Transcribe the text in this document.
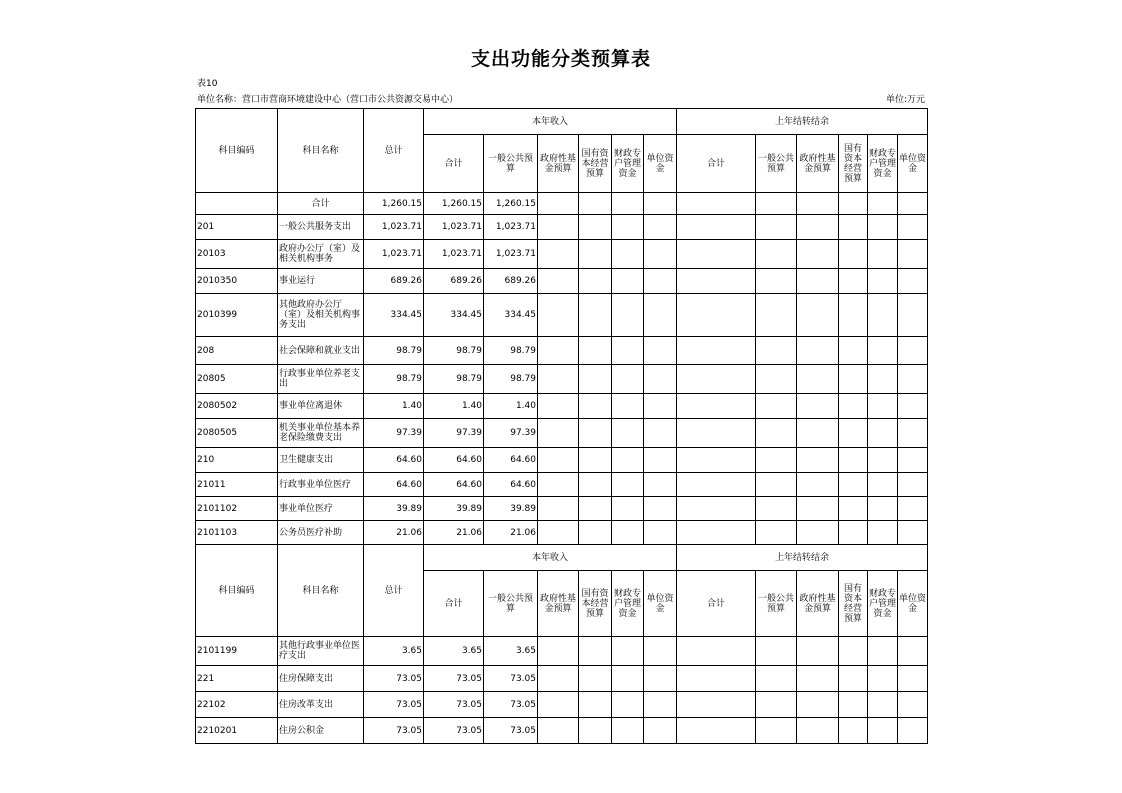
支出功能分类预算表
表10
单位名称：营口市营商环境建设中心（营口市公共资源交易中心）	单位:万元
科目编码	科目名称	总计	本年收入						上年结转结余					
			合计	一般公共预算	政府性基金预算	国有资本经营预算	财政专户管理资金	单位资金	合计	一般公共预算	政府性基金预算	国有资本经营预算	财政专户管理资金	单位资金
	合计	1,260.15	1,260.15	1,260.15										
201	一般公共服务支出	1,023.71	1,023.71	1,023.71										
20103	政府办公厅（室）及相关机构事务	1,023.71	1,023.71	1,023.71										
2010350	事业运行	689.26	689.26	689.26										
2010399	其他政府办公厅（室）及相关机构事务支出	334.45	334.45	334.45										
208	社会保障和就业支出	98.79	98.79	98.79										
20805	行政事业单位养老支出	98.79	98.79	98.79										
2080502	事业单位离退休	1.40	1.40	1.40										
2080505	机关事业单位基本养老保险缴费支出	97.39	97.39	97.39										
210	卫生健康支出	64.60	64.60	64.60										
21011	行政事业单位医疗	64.60	64.60	64.60										
2101102	事业单位医疗	39.89	39.89	39.89										
2101103	公务员医疗补助	21.06	21.06	21.06										
科目编码	科目名称	总计	本年收入						上年结转结余					
			合计	一般公共预算	政府性基金预算	国有资本经营预算	财政专户管理资金	单位资金	合计	一般公共预算	政府性基金预算	国有资本经营预算	财政专户管理资金	单位资金
2101199	其他行政事业单位医疗支出	3.65	3.65	3.65										
221	住房保障支出	73.05	73.05	73.05										
22102	住房改革支出	73.05	73.05	73.05										
2210201	住房公积金	73.05	73.05	73.05										
